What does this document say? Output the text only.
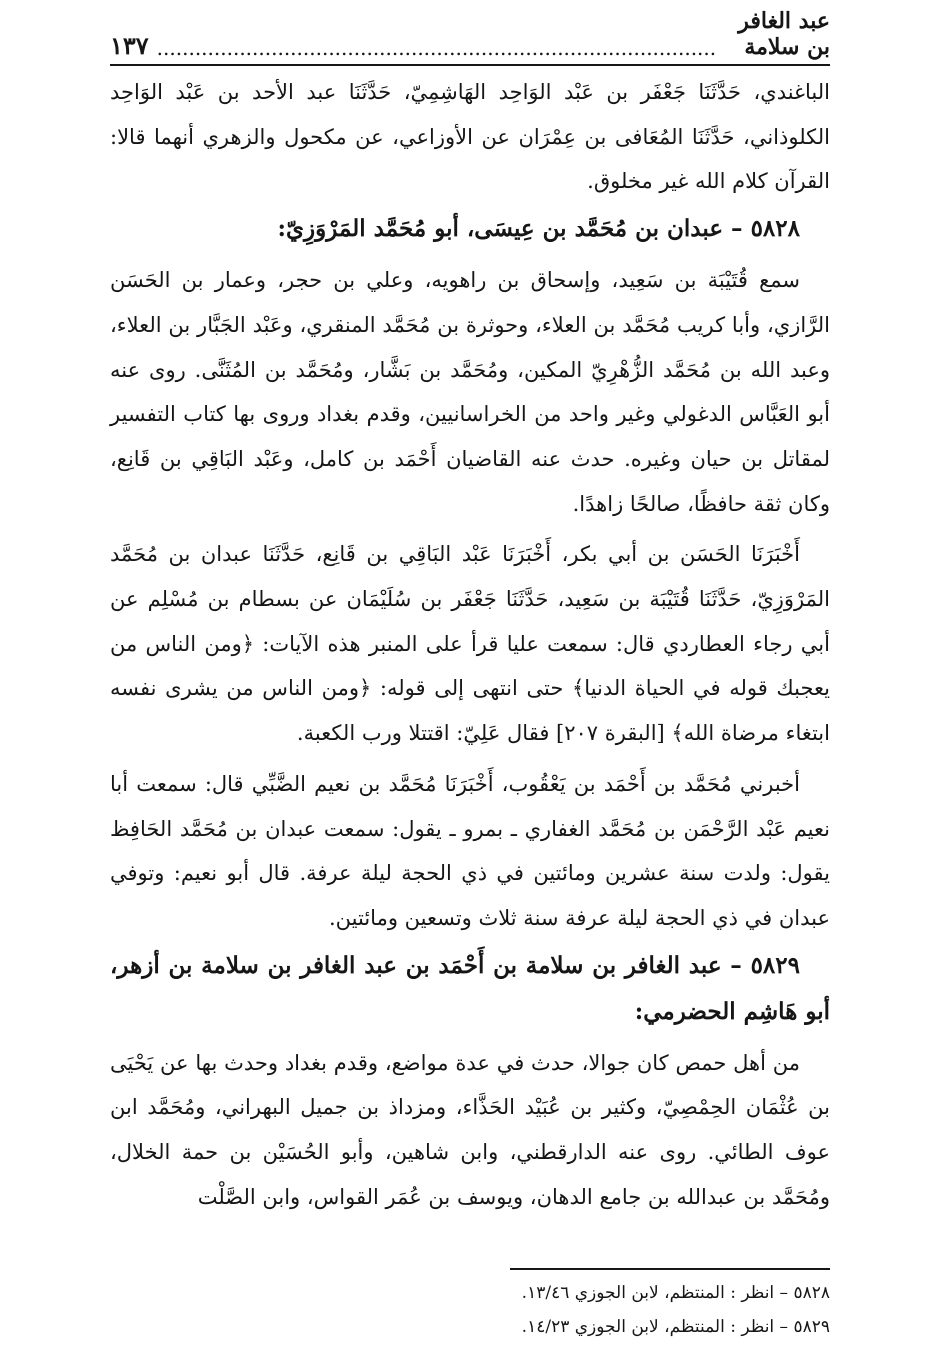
عبد الغافر بن سلامة
........................................................................................
١٣٧

الباغندي، حَدَّثَنَا جَعْفَر بن عَبْد الوَاحِد الهَاشِمِيّ، حَدَّثَنَا عبد الأحد بن عَبْد الوَاحِد الكلوذاني، حَدَّثَنَا المُعَافى بن عِمْرَان عن الأوزاعي، عن مكحول والزهري أنهما قالا: القرآن كلام الله غير مخلوق.

٥٨٢٨ – عبدان بن مُحَمَّد بن عِيسَى، أبو مُحَمَّد المَرْوَزِيّ:

سمع قُتَيْبَة بن سَعِيد، وإسحاق بن راهويه، وعلي بن حجر، وعمار بن الحَسَن الرَّازي، وأبا كريب مُحَمَّد بن العلاء، وحوثرة بن مُحَمَّد المنقري، وعَبْد الجَبَّار بن العلاء، وعبد الله بن مُحَمَّد الزُّهْرِيّ المكين، ومُحَمَّد بن بَشَّار، ومُحَمَّد بن المُثَنَّى. روى عنه أبو العَبَّاس الدغولي وغير واحد من الخراسانيين، وقدم بغداد وروى بها كتاب التفسير لمقاتل بن حيان وغيره. حدث عنه القاضيان أَحْمَد بن كامل، وعَبْد البَاقِي بن قَانِع، وكان ثقة حافظًا، صالحًا زاهدًا.

أَخْبَرَنَا الحَسَن بن أبي بكر، أَخْبَرَنَا عَبْد البَاقِي بن قَانِع، حَدَّثَنَا عبدان بن مُحَمَّد المَرْوَزِيّ، حَدَّثَنَا قُتَيْبَة بن سَعِيد، حَدَّثَنَا جَعْفَر بن سُلَيْمَان عن بسطام بن مُسْلِم عن أبي رجاء العطاردي قال: سمعت عليا قرأ على المنبر هذه الآيات: ﴿ومن الناس من يعجبك قوله في الحياة الدنيا﴾ حتى انتهى إلى قوله: ﴿ومن الناس من يشرى نفسه ابتغاء مرضاة الله﴾ [البقرة ٢٠٧] فقال عَلِيّ: اقتتلا ورب الكعبة.

أخبرني مُحَمَّد بن أَحْمَد بن يَعْقُوب، أَخْبَرَنَا مُحَمَّد بن نعيم الضَّبِّي قال: سمعت أبا نعيم عَبْد الرَّحْمَن بن مُحَمَّد الغفاري ـ بمرو ـ يقول: سمعت عبدان بن مُحَمَّد الحَافِظ يقول: ولدت سنة عشرين ومائتين في ذي الحجة ليلة عرفة. قال أبو نعيم: وتوفي عبدان في ذي الحجة ليلة عرفة سنة ثلاث وتسعين ومائتين.

٥٨٢٩ – عبد الغافر بن سلامة بن أَحْمَد بن عبد الغافر بن سلامة بن أزهر، أبو هَاشِم الحضرمي:

من أهل حمص كان جوالا، حدث في عدة مواضع، وقدم بغداد وحدث بها عن يَحْيَى بن عُثْمَان الحِمْصِيّ، وكثير بن عُبَيْد الحَذَّاء، ومزداذ بن جميل البهراني، ومُحَمَّد ابن عوف الطائي. روى عنه الدارقطني، وابن شاهين، وأبو الحُسَيْن بن حمة الخلال، ومُحَمَّد بن عبدالله بن جامع الدهان، ويوسف بن عُمَر القواس، وابن الصَّلْت

٥٨٢٨ – انظر : المنتظم، لابن الجوزي ١٣/٤٦.
٥٨٢٩ – انظر : المنتظم، لابن الجوزي ١٤/٢٣.
